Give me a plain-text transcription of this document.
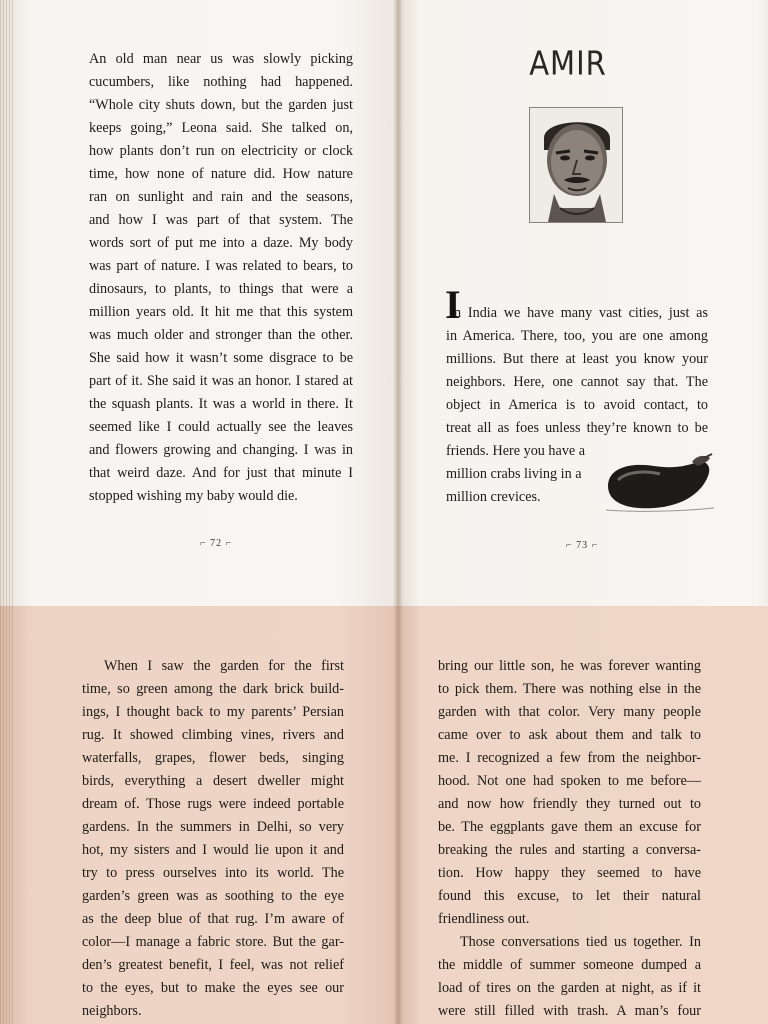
An old man near us was slowly picking
cucumbers, like nothing had happened.
“Whole city shuts down, but the garden just
keeps going,” Leona said. She talked on,
how plants don’t run on electricity or clock
time, how none of nature did. How nature
ran on sunlight and rain and the seasons,
and how I was part of that system. The
words sort of put me into a daze. My body
was part of nature. I was related to bears, to
dinosaurs, to plants, to things that were a
million years old. It hit me that this system
was much older and stronger than the other.
She said how it wasn’t some disgrace to be
part of it. She said it was an honor. I stared at
the squash plants. It was a world in there. It
seemed like I could actually see the leaves
and flowers growing and changing. I was in
that weird daze. And for just that minute I
stopped wishing my baby would die.
⌐ 72 ⌐	⌐ 73 ⌐
AMIR
I
n India we have many vast cities, just as
in America. There, too, you are one among
millions. But there at least you know your
neighbors. Here, one cannot say that. The
object in America is to avoid contact, to
treat all as foes unless they’re known to be
friends. Here you have a
million crabs living in a
million crevices.
When I saw the garden for the first
time, so green among the dark brick build-
ings, I thought back to my parents’ Persian
rug. It showed climbing vines, rivers and
waterfalls, grapes, flower beds, singing
birds, everything a desert dweller might
dream of. Those rugs were indeed portable
gardens. In the summers in Delhi, so very
hot, my sisters and I would lie upon it and
try to press ourselves into its world. The
garden’s green was as soothing to the eye
as the deep blue of that rug. I’m aware of
color—I manage a fabric store. But the gar-
den’s greatest benefit, I feel, was not relief
to the eyes, but to make the eyes see our
neighbors.
bring our little son, he was forever wanting
to pick them. There was nothing else in the
garden with that color. Very many people
came over to ask about them and talk to
me. I recognized a few from the neighbor-
hood. Not one had spoken to me before—
and now how friendly they turned out to
be. The eggplants gave them an excuse for
breaking the rules and starting a conversa-
tion. How happy they seemed to have
found this excuse, to let their natural
friendliness out.
Those conversations tied us together. In
the middle of summer someone dumped a
load of tires on the garden at night, as if it
were still filled with trash. A man’s four
